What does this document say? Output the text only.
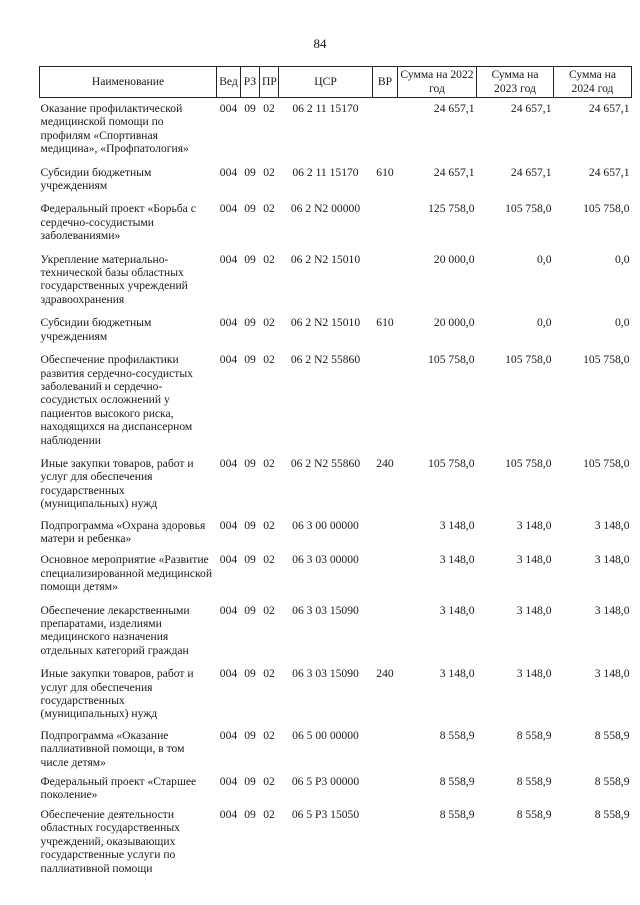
84
Наименование	Вед	РЗ	ПР	ЦСР	ВР	Сумма на 2022 год	Сумма на 2023 год	Сумма на 2024 год
Оказание профилактической медицинской помощи по профилям «Спортивная медицина», «Профпатология»	004	09	02	06 2 11 15170		24 657,1	24 657,1	24 657,1
Субсидии бюджетным учреждениям	004	09	02	06 2 11 15170	610	24 657,1	24 657,1	24 657,1
Федеральный проект «Борьба с сердечно-сосудистыми заболеваниями»	004	09	02	06 2 N2 00000		125 758,0	105 758,0	105 758,0
Укрепление материально-технической базы областных государственных учреждений здравоохранения	004	09	02	06 2 N2 15010		20 000,0	0,0	0,0
Субсидии бюджетным учреждениям	004	09	02	06 2 N2 15010	610	20 000,0	0,0	0,0
Обеспечение профилактики развития сердечно-сосудистых заболеваний и сердечно-сосудистых осложнений у пациентов высокого риска, находящихся на диспансерном наблюдении	004	09	02	06 2 N2 55860		105 758,0	105 758,0	105 758,0
Иные закупки товаров, работ и услуг для обеспечения государственных (муниципальных) нужд	004	09	02	06 2 N2 55860	240	105 758,0	105 758,0	105 758,0
Подпрограмма «Охрана здоровья матери и ребенка»	004	09	02	06 3 00 00000		3 148,0	3 148,0	3 148,0
Основное мероприятие «Развитие специализированной медицинской помощи детям»	004	09	02	06 3 03 00000		3 148,0	3 148,0	3 148,0
Обеспечение лекарственными препаратами, изделиями медицинского назначения отдельных категорий граждан	004	09	02	06 3 03 15090		3 148,0	3 148,0	3 148,0
Иные закупки товаров, работ и услуг для обеспечения государственных (муниципальных) нужд	004	09	02	06 3 03 15090	240	3 148,0	3 148,0	3 148,0
Подпрограмма «Оказание паллиативной помощи, в том числе детям»	004	09	02	06 5 00 00000		8 558,9	8 558,9	8 558,9
Федеральный проект «Старшее поколение»	004	09	02	06 5 P3 00000		8 558,9	8 558,9	8 558,9
Обеспечение деятельности областных государственных учреждений, оказывающих государственные услуги по паллиативной помощи	004	09	02	06 5 P3 15050		8 558,9	8 558,9	8 558,9
